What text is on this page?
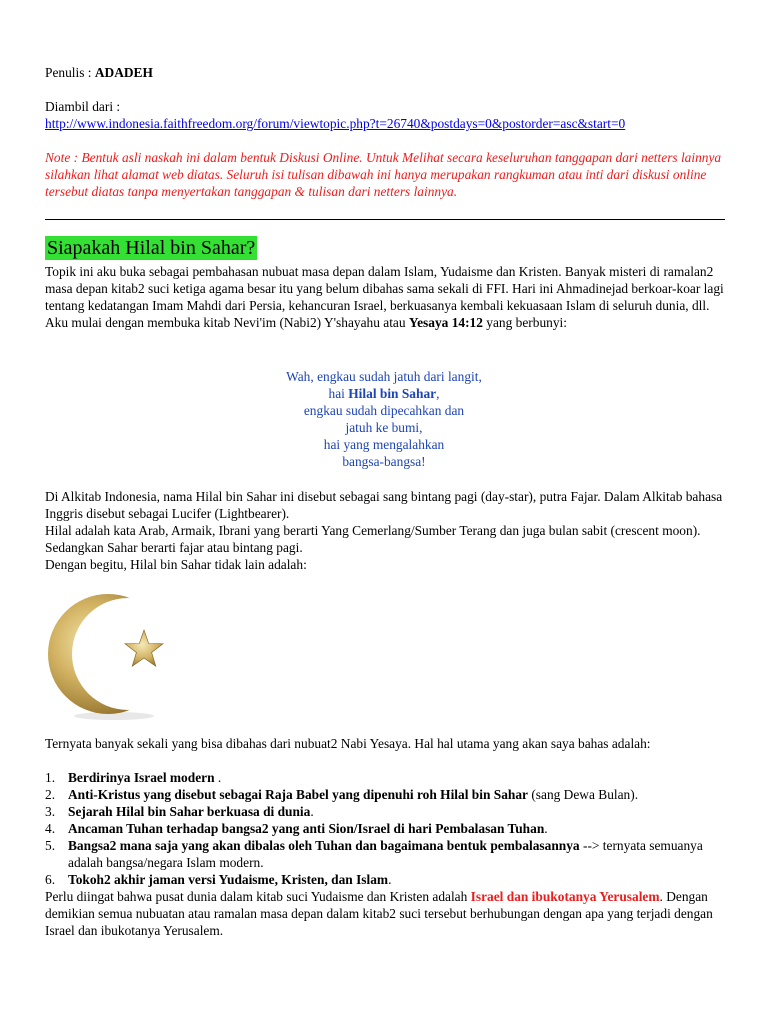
Penulis : ADADEH
Diambil dari :
http://www.indonesia.faithfreedom.org/forum/viewtopic.php?t=26740&postdays=0&postorder=asc&start=0

Note : Bentuk asli naskah ini dalam bentuk Diskusi Online. Untuk Melihat secara keseluruhan tanggapan dari netters lainnya silahkan lihat alamat web diatas. Seluruh isi tulisan dibawah ini hanya merupakan rangkuman atau inti dari diskusi online tersebut diatas tanpa menyertakan tanggapan & tulisan dari netters lainnya.

Siapakah Hilal bin Sahar?

Topik ini aku buka sebagai pembahasan nubuat masa depan dalam Islam, Yudaisme dan Kristen. Banyak misteri di ramalan2 masa depan kitab2 suci ketiga agama besar itu yang belum dibahas sama sekali di FFI. Hari ini Ahmadinejad berkoar-koar lagi tentang kedatangan Imam Mahdi dari Persia, kehancuran Israel, berkuasanya kembali kekuasaan Islam di seluruh dunia, dll.

Aku mulai dengan membuka kitab Nevi'im (Nabi2) Y'shayahu atau Yesaya 14:12 yang berbunyi:

Wah, engkau sudah jatuh dari langit,
hai Hilal bin Sahar,
engkau sudah dipecahkan dan
jatuh ke bumi,
hai yang mengalahkan
bangsa-bangsa!

Di Alkitab Indonesia, nama Hilal bin Sahar ini disebut sebagai sang bintang pagi (day-star), putra Fajar. Dalam Alkitab bahasa Inggris disebut sebagai Lucifer (Lightbearer).

Hilal adalah kata Arab, Armaik, Ibrani yang berarti Yang Cemerlang/Sumber Terang dan juga bulan sabit (crescent moon). Sedangkan Sahar berarti fajar atau bintang pagi.

Dengan begitu, Hilal bin Sahar tidak lain adalah:

Ternyata banyak sekali yang bisa dibahas dari nubuat2 Nabi Yesaya. Hal hal utama yang akan saya bahas adalah:

1. Berdirinya Israel modern .
2. Anti-Kristus yang disebut sebagai Raja Babel yang dipenuhi roh Hilal bin Sahar (sang Dewa Bulan).
3. Sejarah Hilal bin Sahar berkuasa di dunia.
4. Ancaman Tuhan terhadap bangsa2 yang anti Sion/Israel di hari Pembalasan Tuhan.
5. Bangsa2 mana saja yang akan dibalas oleh Tuhan dan bagaimana bentuk pembalasannya --> ternyata semuanya adalah bangsa/negara Islam modern.
6. Tokoh2 akhir jaman versi Yudaisme, Kristen, dan Islam.

Perlu diingat bahwa pusat dunia dalam kitab suci Yudaisme dan Kristen adalah Israel dan ibukotanya Yerusalem. Dengan demikian semua nubuatan atau ramalan masa depan dalam kitab2 suci tersebut berhubungan dengan apa yang terjadi dengan Israel dan ibukotanya Yerusalem.
